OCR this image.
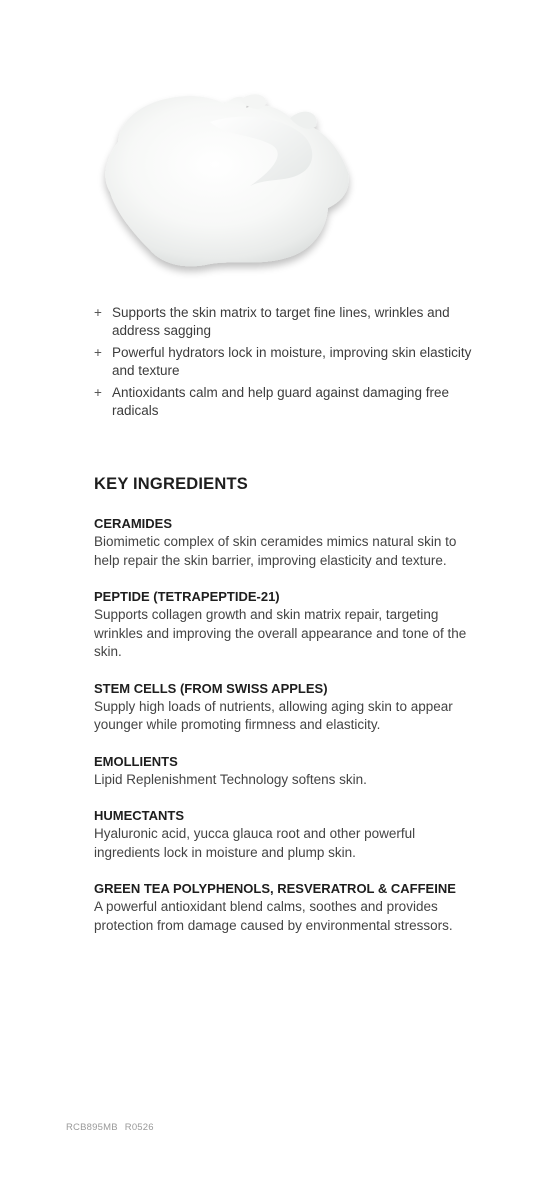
+ Supports the skin matrix to target fine lines, wrinkles and address sagging
+ Powerful hydrators lock in moisture, improving skin elasticity and texture
+ Antioxidants calm and help guard against damaging free radicals
KEY INGREDIENTS
CERAMIDES
Biomimetic complex of skin ceramides mimics natural skin to help repair the skin barrier, improving elasticity and texture.
PEPTIDE (TETRAPEPTIDE-21)
Supports collagen growth and skin matrix repair, targeting wrinkles and improving the overall appearance and tone of the skin.
STEM CELLS (FROM SWISS APPLES)
Supply high loads of nutrients, allowing aging skin to appear younger while promoting firmness and elasticity.
EMOLLIENTS
Lipid Replenishment Technology softens skin.
HUMECTANTS
Hyaluronic acid, yucca glauca root and other powerful ingredients lock in moisture and plump skin.
GREEN TEA POLYPHENOLS, RESVERATROL & CAFFEINE
A powerful antioxidant blend calms, soothes and provides protection from damage caused by environmental stressors.
RCB895MB R0526
